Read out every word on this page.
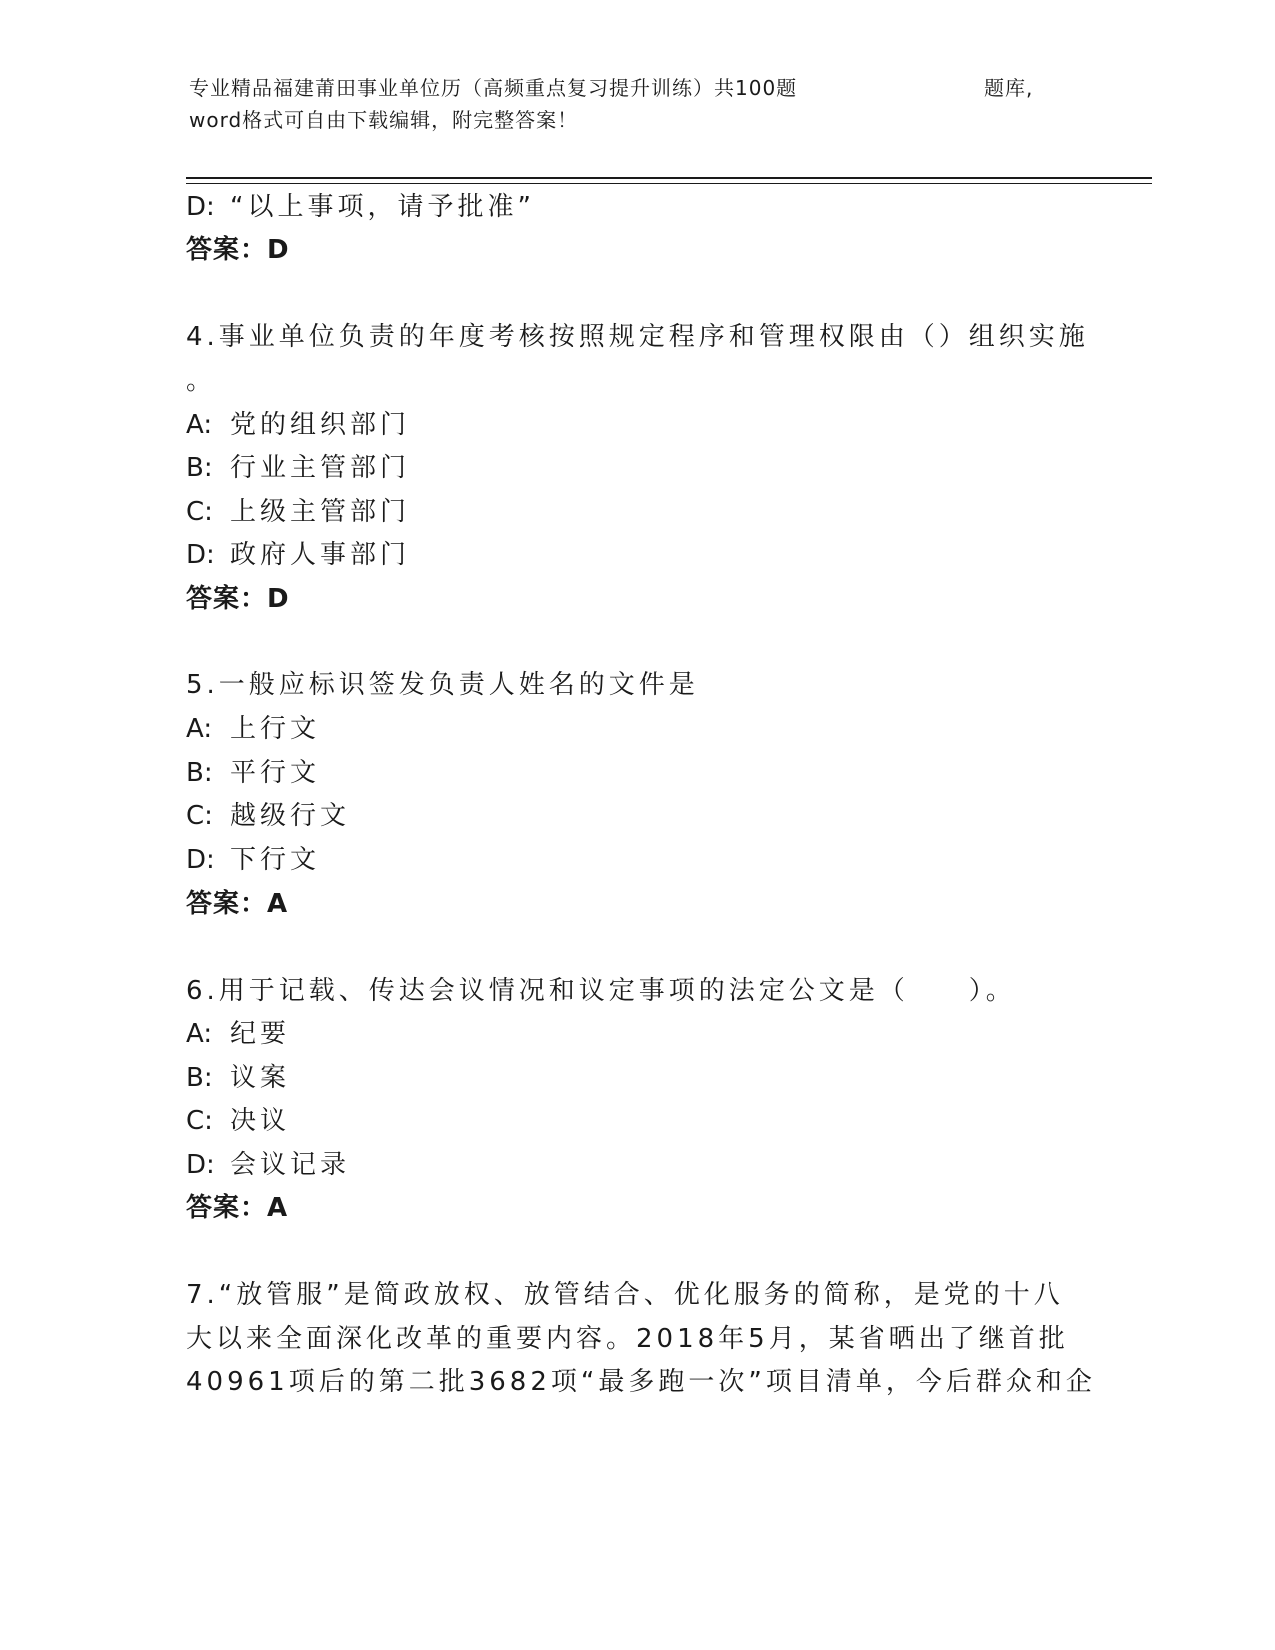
专业精品福建莆田事业单位历（高频重点复习提升训练）共100题	题库,
word格式可自由下载编辑，附完整答案！
D: “以上事项，请予批准”
答案：D
4.事业单位负责的年度考核按照规定程序和管理权限由（）组织实施
。
A: 党的组织部门
B: 行业主管部门
C: 上级主管部门
D: 政府人事部门
答案：D
5.一般应标识签发负责人姓名的文件是
A: 上行文
B: 平行文
C: 越级行文
D: 下行文
答案：A
6.用于记载、传达会议情况和议定事项的法定公文是（　　）。
A: 纪要
B: 议案
C: 决议
D: 会议记录
答案：A
7.“放管服”是简政放权、放管结合、优化服务的简称，是党的十八
大以来全面深化改革的重要内容。2018年5月，某省晒出了继首批
40961项后的第二批3682项“最多跑一次”项目清单，今后群众和企
